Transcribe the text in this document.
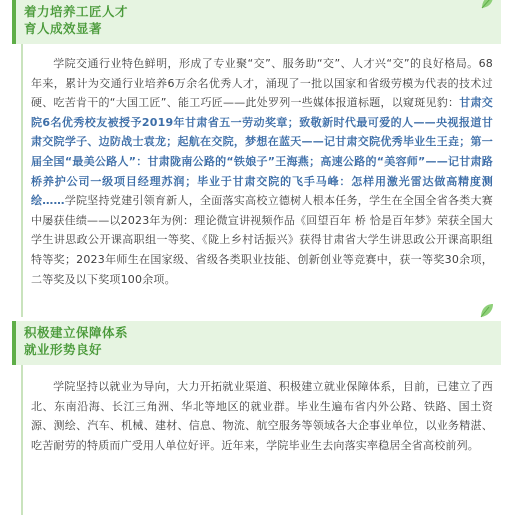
着力培养工匠人才
育人成效显著
学院交通行业特色鲜明，形成了专业聚“交”、服务助“交”、人才兴“交”的良好格局。68年来，累计为交通行业培养6万余名优秀人才，涌现了一批以国家和省级劳模为代表的技术过硬、吃苦肯干的“大国工匠”、能工巧匠——此处罗列一些媒体报道标题，以窥斑见豹：甘肃交院6名优秀校友被授予2019年甘肃省五一劳动奖章；致敬新时代最可爱的人——央视报道甘肃交院学子、边防战士袁龙；起航在交院，梦想在蓝天——记甘肃交院优秀毕业生王垚；第一届全国“最美公路人”：甘肃陇南公路的“铁娘子”王海燕；高速公路的“美容师”——记甘肃路桥养护公司一级项目经理苏润；毕业于甘肃交院的飞手马峰：怎样用激光雷达做高精度测绘……学院坚持党建引领育新人，全面落实高校立德树人根本任务，学生在全国全省各类大赛中屡获佳绩——以2023年为例：理论微宣讲视频作品《回望百年 桥 恰是百年梦》荣获全国大学生讲思政公开课高职组一等奖、《陇上乡村话振兴》获得甘肃省大学生讲思政公开课高职组特等奖；2023年师生在国家级、省级各类职业技能、创新创业等竞赛中，获一等奖30余项，二等奖及以下奖项100余项。
积极建立保障体系
就业形势良好
学院坚持以就业为导向，大力开拓就业渠道、积极建立就业保障体系，目前，已建立了西北、东南沿海、长江三角洲、华北等地区的就业群。毕业生遍布省内外公路、铁路、国土资源、测绘、汽车、机械、建材、信息、物流、航空服务等领域各大企事业单位，以业务精湛、吃苦耐劳的特质而广受用人单位好评。近年来，学院毕业生去向落实率稳居全省高校前列。
